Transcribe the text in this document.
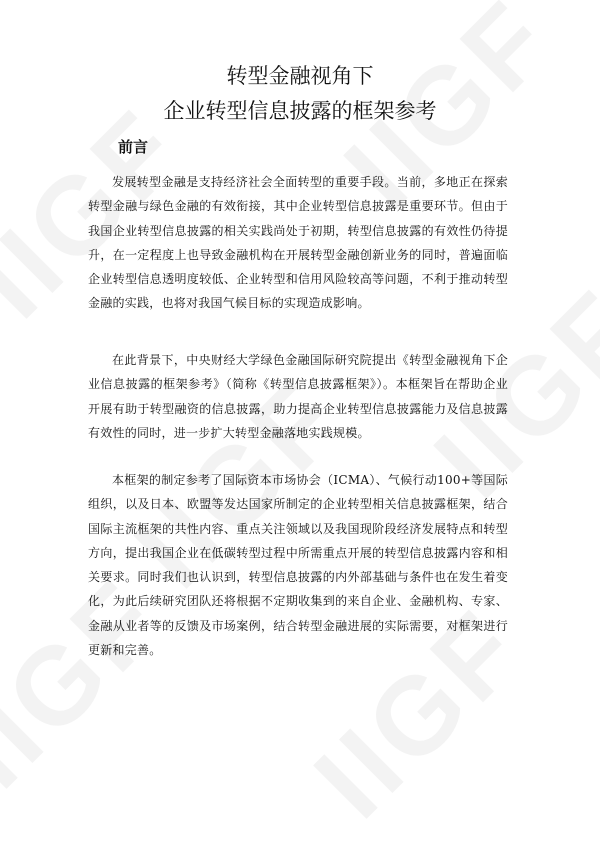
转型金融视角下
企业转型信息披露的框架参考
前言

发展转型金融是支持经济社会全面转型的重要手段。当前，多地正在探索转型金融与绿色金融的有效衔接，其中企业转型信息披露是重要环节。但由于我国企业转型信息披露的相关实践尚处于初期，转型信息披露的有效性仍待提升，在一定程度上也导致金融机构在开展转型金融创新业务的同时，普遍面临企业转型信息透明度较低、企业转型和信用风险较高等问题，不利于推动转型金融的实践，也将对我国气候目标的实现造成影响。

在此背景下，中央财经大学绿色金融国际研究院提出《转型金融视角下企业信息披露的框架参考》（简称《转型信息披露框架》）。本框架旨在帮助企业开展有助于转型融资的信息披露，助力提高企业转型信息披露能力及信息披露有效性的同时，进一步扩大转型金融落地实践规模。

本框架的制定参考了国际资本市场协会（ICMA）、气候行动100+等国际组织，以及日本、欧盟等发达国家所制定的企业转型相关信息披露框架，结合国际主流框架的共性内容、重点关注领域以及我国现阶段经济发展特点和转型方向，提出我国企业在低碳转型过程中所需重点开展的转型信息披露内容和相关要求。同时我们也认识到，转型信息披露的内外部基础与条件也在发生着变化，为此后续研究团队还将根据不定期收集到的来自企业、金融机构、专家、金融从业者等的反馈及市场案例，结合转型金融进展的实际需要，对框架进行更新和完善。
